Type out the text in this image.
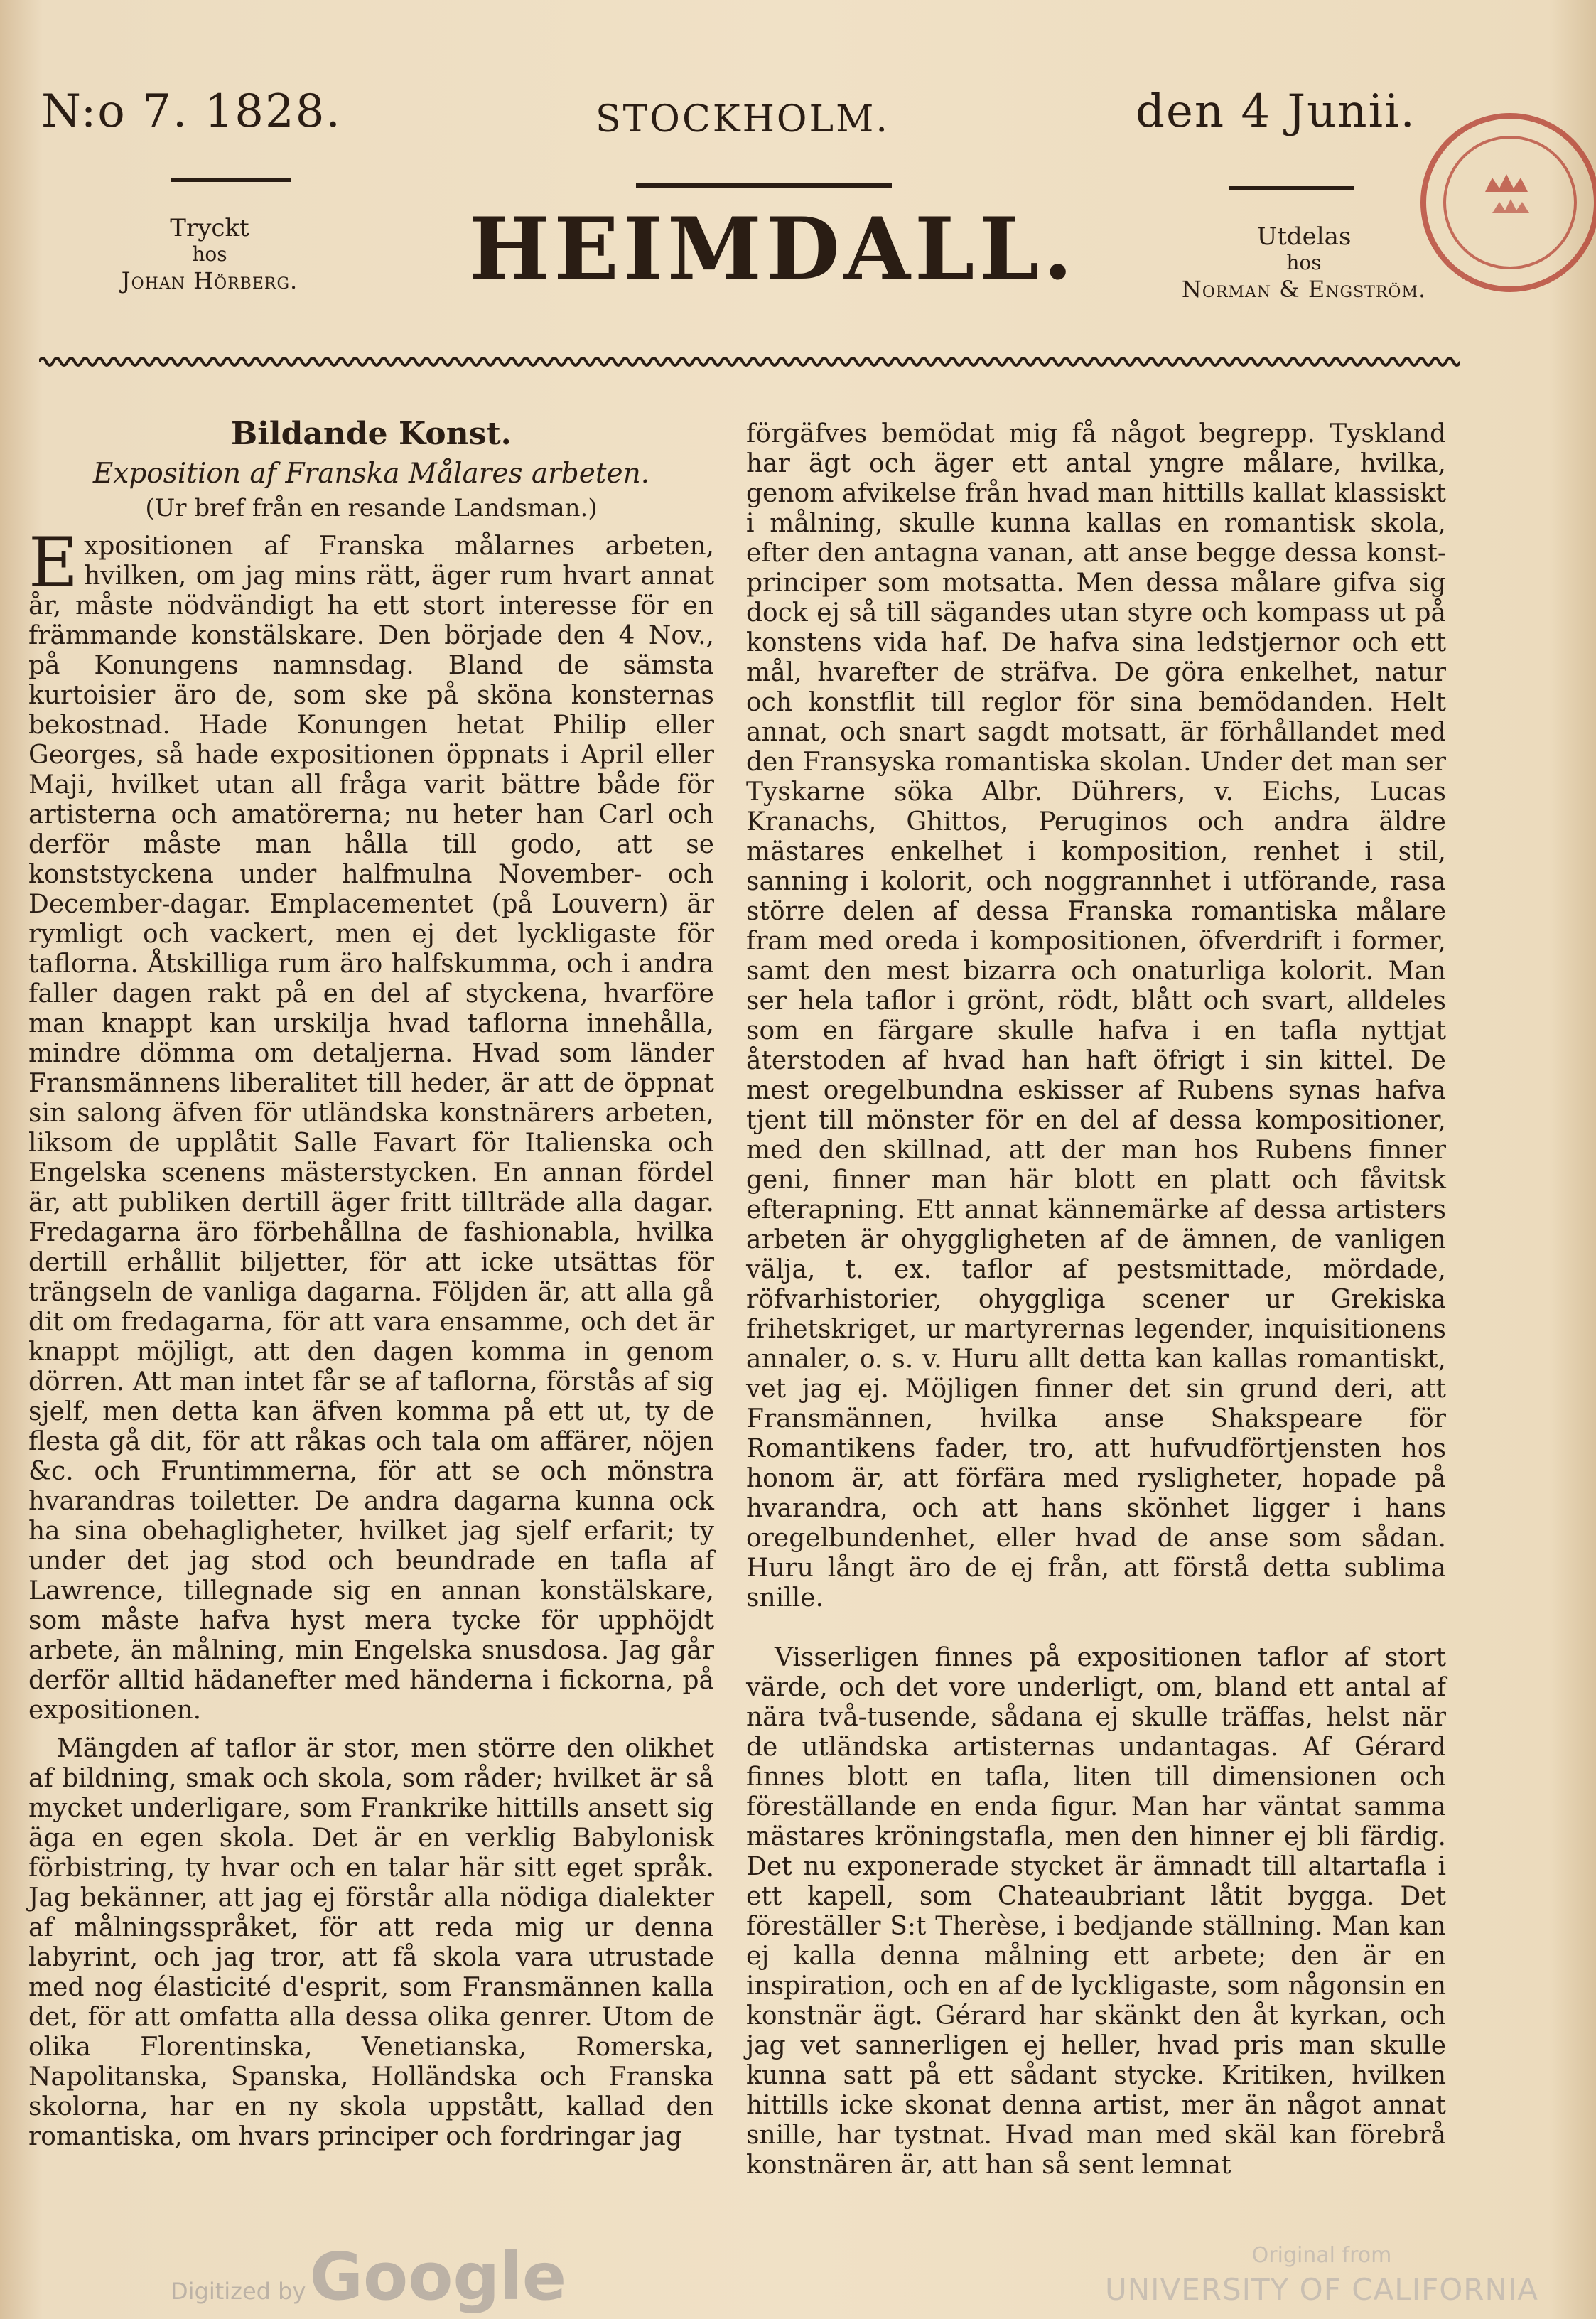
N:o 7. 1828.	STOCKHOLM.	den 4 Junii.
Tryckt
hos
Johan Hörberg. HEIMDALL.	Utdelas
hos
Norman & Engström.
Bildande Konst.
Exposition af Franska Målares arbeten.
(Ur bref från en resande Landsman.)

Expositionen af Franska målarnes arbeten, hvilken, om jag mins rätt, äger rum hvart annat år, måste nödvändigt ha ett stort interesse för en främmande konstälskare. Den började den 4 Nov., på Konungens namnsdag. Bland de sämsta kurtoisier äro de, som ske på sköna konsternas bekostnad. Hade Konungen hetat Philip eller Georges, så hade expositionen öppnats i April eller Maji, hvilket utan all fråga varit bättre både för artisterna och amatörerna; nu heter han Carl och derför måste man hålla till godo, att se konststyckena under halfmulna November- och December-dagar. Emplacementet (på Louvern) är rymligt och vackert, men ej det lyckligaste för taflorna. Åtskilliga rum äro halfskumma, och i andra faller dagen rakt på en del af styckena, hvarföre man knappt kan urskilja hvad taflorna innehålla, mindre dömma om detaljerna. Hvad som länder Fransmännens liberalitet till heder, är att de öppnat sin salong äfven för utländska konstnärers arbeten, liksom de upplåtit Salle Favart för Italienska och Engelska scenens mästerstycken. En annan fördel är, att publiken dertill äger fritt tillträde alla dagar. Fredagarna äro förbehållna de fashionabla, hvilka dertill erhållit biljetter, för att icke utsättas för trängseln de vanliga dagarna. Följden är, att alla gå dit om fredagarna, för att vara ensamme, och det är knappt möjligt, att den dagen komma in genom dörren. Att man intet får se af taflorna, förstås af sig sjelf, men detta kan äfven komma på ett ut, ty de flesta gå dit, för att råkas och tala om affärer, nöjen &c. och Fruntimmerna, för att se och mönstra hvarandras toiletter. De andra dagarna kunna ock ha sina obehagligheter, hvilket jag sjelf erfarit; ty under det jag stod och beundrade en tafla af Lawrence, tillegnade sig en annan konstälskare, som måste hafva hyst mera tycke för upphöjdt arbete, än målning, min Engelska snusdosa. Jag går derför alltid hädanefter med händerna i fickorna, på expositionen.

Mängden af taflor är stor, men större den olikhet af bildning, smak och skola, som råder; hvilket är så mycket underligare, som Frankrike hittills ansett sig äga en egen skola. Det är en verklig Babylonisk förbistring, ty hvar och en talar här sitt eget språk. Jag bekänner, att jag ej förstår alla nödiga dialekter af målningsspråket, för att reda mig ur denna labyrint, och jag tror, att få skola vara utrustade med nog élasticité d'esprit, som Fransmännen kalla det, för att omfatta alla dessa olika genrer. Utom de olika Florentinska, Venetianska, Romerska, Napolitanska, Spanska, Holländska och Franska skolorna, har en ny skola uppstått, kallad den romantiska, om hvars principer och fordringar jag

förgäfves bemödat mig få något begrepp. Tyskland har ägt och äger ett antal yngre målare, hvilka, genom afvikelse från hvad man hittills kallat klassiskt i målning, skulle kunna kallas en romantisk skola, efter den antagna vanan, att anse begge dessa konst-principer som motsatta. Men dessa målare gifva sig dock ej så till sägandes utan styre och kompass ut på konstens vida haf. De hafva sina ledstjernor och ett mål, hvarefter de sträfva. De göra enkelhet, natur och konstflit till reglor för sina bemödanden. Helt annat, och snart sagdt motsatt, är förhållandet med den Fransyska romantiska skolan. Under det man ser Tyskarne söka Albr. Dührers, v. Eichs, Lucas Kranachs, Ghittos, Peruginos och andra äldre mästares enkelhet i komposition, renhet i stil, sanning i kolorit, och noggrannhet i utförande, rasa större delen af dessa Franska romantiska målare fram med oreda i kompositionen, öfverdrift i former, samt den mest bizarra och onaturliga kolorit. Man ser hela taflor i grönt, rödt, blått och svart, alldeles som en färgare skulle hafva i en tafla nyttjat återstoden af hvad han haft öfrigt i sin kittel. De mest oregelbundna eskisser af Rubens synas hafva tjent till mönster för en del af dessa kompositioner, med den skillnad, att der man hos Rubens finner geni, finner man här blott en platt och fåvitsk efterapning. Ett annat kännemärke af dessa artisters arbeten är ohyggligheten af de ämnen, de vanligen välja, t. ex. taflor af pestsmittade, mördade, röfvarhistorier, ohyggliga scener ur Grekiska frihetskriget, ur martyrernas legender, inquisitionens annaler, o. s. v. Huru allt detta kan kallas romantiskt, vet jag ej. Möjligen finner det sin grund deri, att Fransmännen, hvilka anse Shakspeare för Romantikens fader, tro, att hufvudförtjensten hos honom är, att förfära med rysligheter, hopade på hvarandra, och att hans skönhet ligger i hans oregelbundenhet, eller hvad de anse som sådan. Huru långt äro de ej från, att förstå detta sublima snille.

Visserligen finnes på expositionen taflor af stort värde, och det vore underligt, om, bland ett antal af nära två-tusende, sådana ej skulle träffas, helst när de utländska artisternas undantagas. Af Gérard finnes blott en tafla, liten till dimensionen och föreställande en enda figur. Man har väntat samma mästares kröningstafla, men den hinner ej bli färdig. Det nu exponerade stycket är ämnadt till altartafla i ett kapell, som Chateaubriant låtit bygga. Det föreställer S:t Therèse, i bedjande ställning. Man kan ej kalla denna målning ett arbete; den är en inspiration, och en af de lyckligaste, som någonsin en konstnär ägt. Gérard har skänkt den åt kyrkan, och jag vet sannerligen ej heller, hvad pris man skulle kunna satt på ett sådant stycke. Kritiken, hvilken hittills icke skonat denna artist, mer än något annat snille, har tystnat. Hvad man med skäl kan förebrå konstnären är, att han så sent lemnat

Digitized by Google	Original from
UNIVERSITY OF CALIFORNIA
